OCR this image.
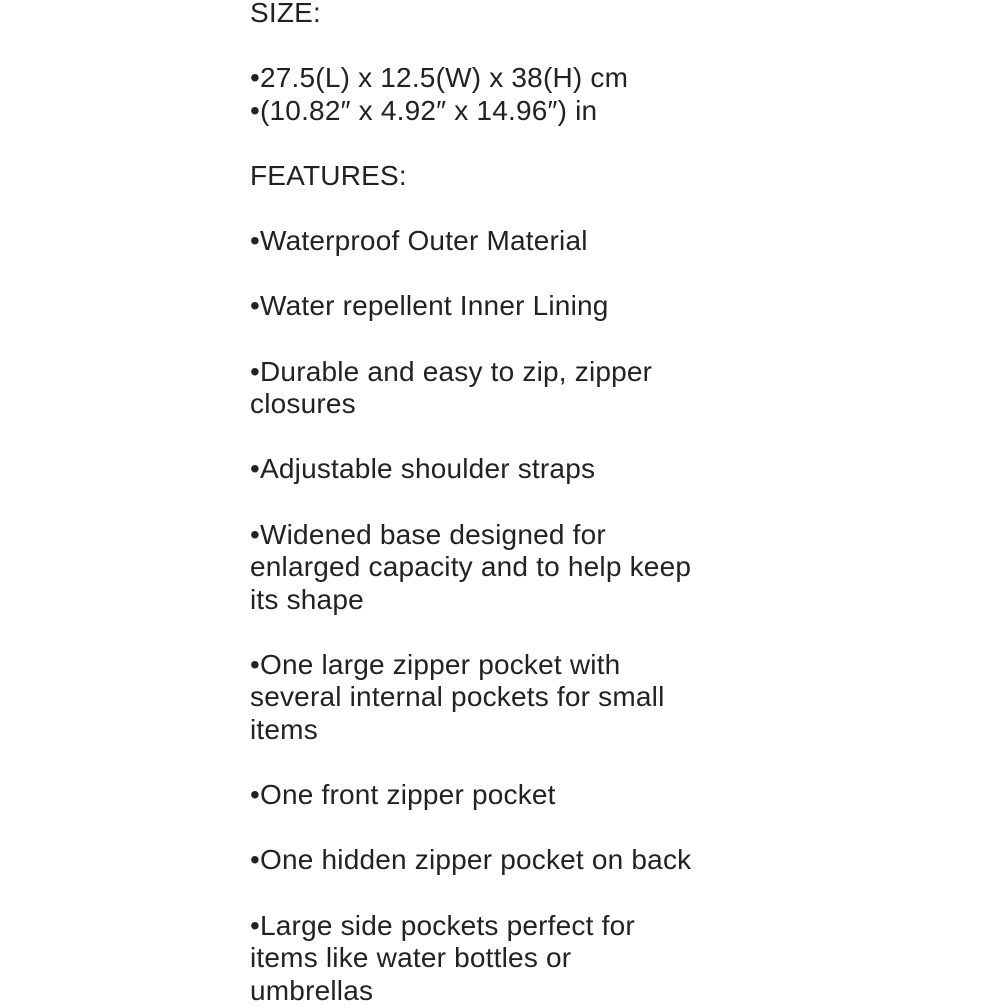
SIZE:
•27.5(L) x 12.5(W) x 38(H) cm
•(10.82″ x 4.92″ x 14.96″) in
FEATURES:
•Waterproof Outer Material
•Water repellent Inner Lining
•Durable and easy to zip, zipper
closures
•Adjustable shoulder straps
•Widened base designed for
enlarged capacity and to help keep
its shape
•One large zipper pocket with
several internal pockets for small
items
•One front zipper pocket
•One hidden zipper pocket on back
•Large side pockets perfect for
items like water bottles or
umbrellas
